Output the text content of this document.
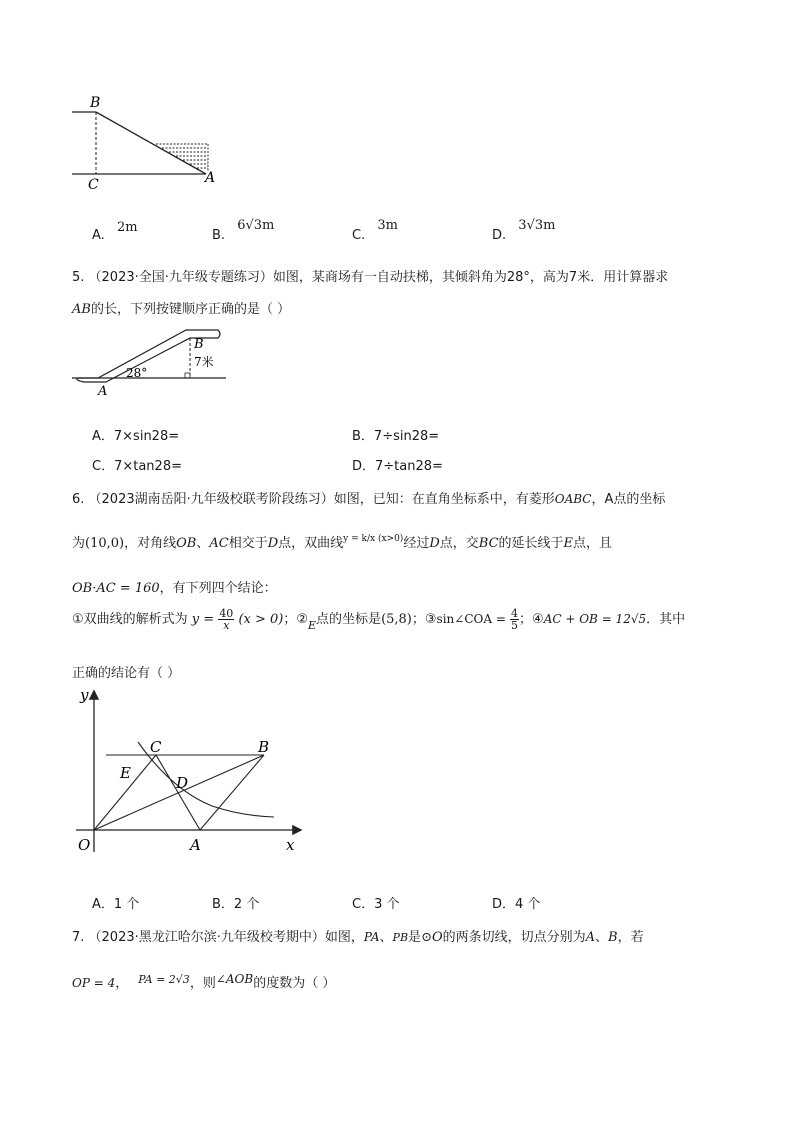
B
C	A
A. 2m
B. 6√3m
C. 3m
D. 3√3m
5. （2023·全国·九年级专题练习）如图，某商场有一自动扶梯，其倾斜角为28°，高为7米．用计算器求
AB的长，下列按键顺序正确的是（ ）
B
7米
28°
A
A．7×sin28=	B．7÷sin28=
C．7×tan28=	D．7÷tan28=
6. （2023湖南岳阳·九年级校联考阶段练习）如图，已知：在直角坐标系中，有菱形OABC，A点的坐标
为(10,0)，对角线OB、AC相交于D点，双曲线$^{y = k/x (x>0)}$经过D点，交BC的延长线于E点，且
OB·AC = 160，有下列四个结论：
①双曲线的解析式为 $y = \frac{40}{x} (x > 0)$；$②_E$点的坐标是(5,8)；③sin∠COA = $\frac{4}{5}$ ；④AC + OB = 12√5．其中
正确的结论有（ ）
y
x
O	A
B
C
D
E
A．1 个	B．2 个	C．3 个	D．4 个
7. （2023·黑龙江哈尔滨·九年级校考期中）如图，PA、PB是⊙O的两条切线，切点分别为A、B，若
OP = 4， $^{PA = 2√3}$，则∠AOB的度数为（ ）
